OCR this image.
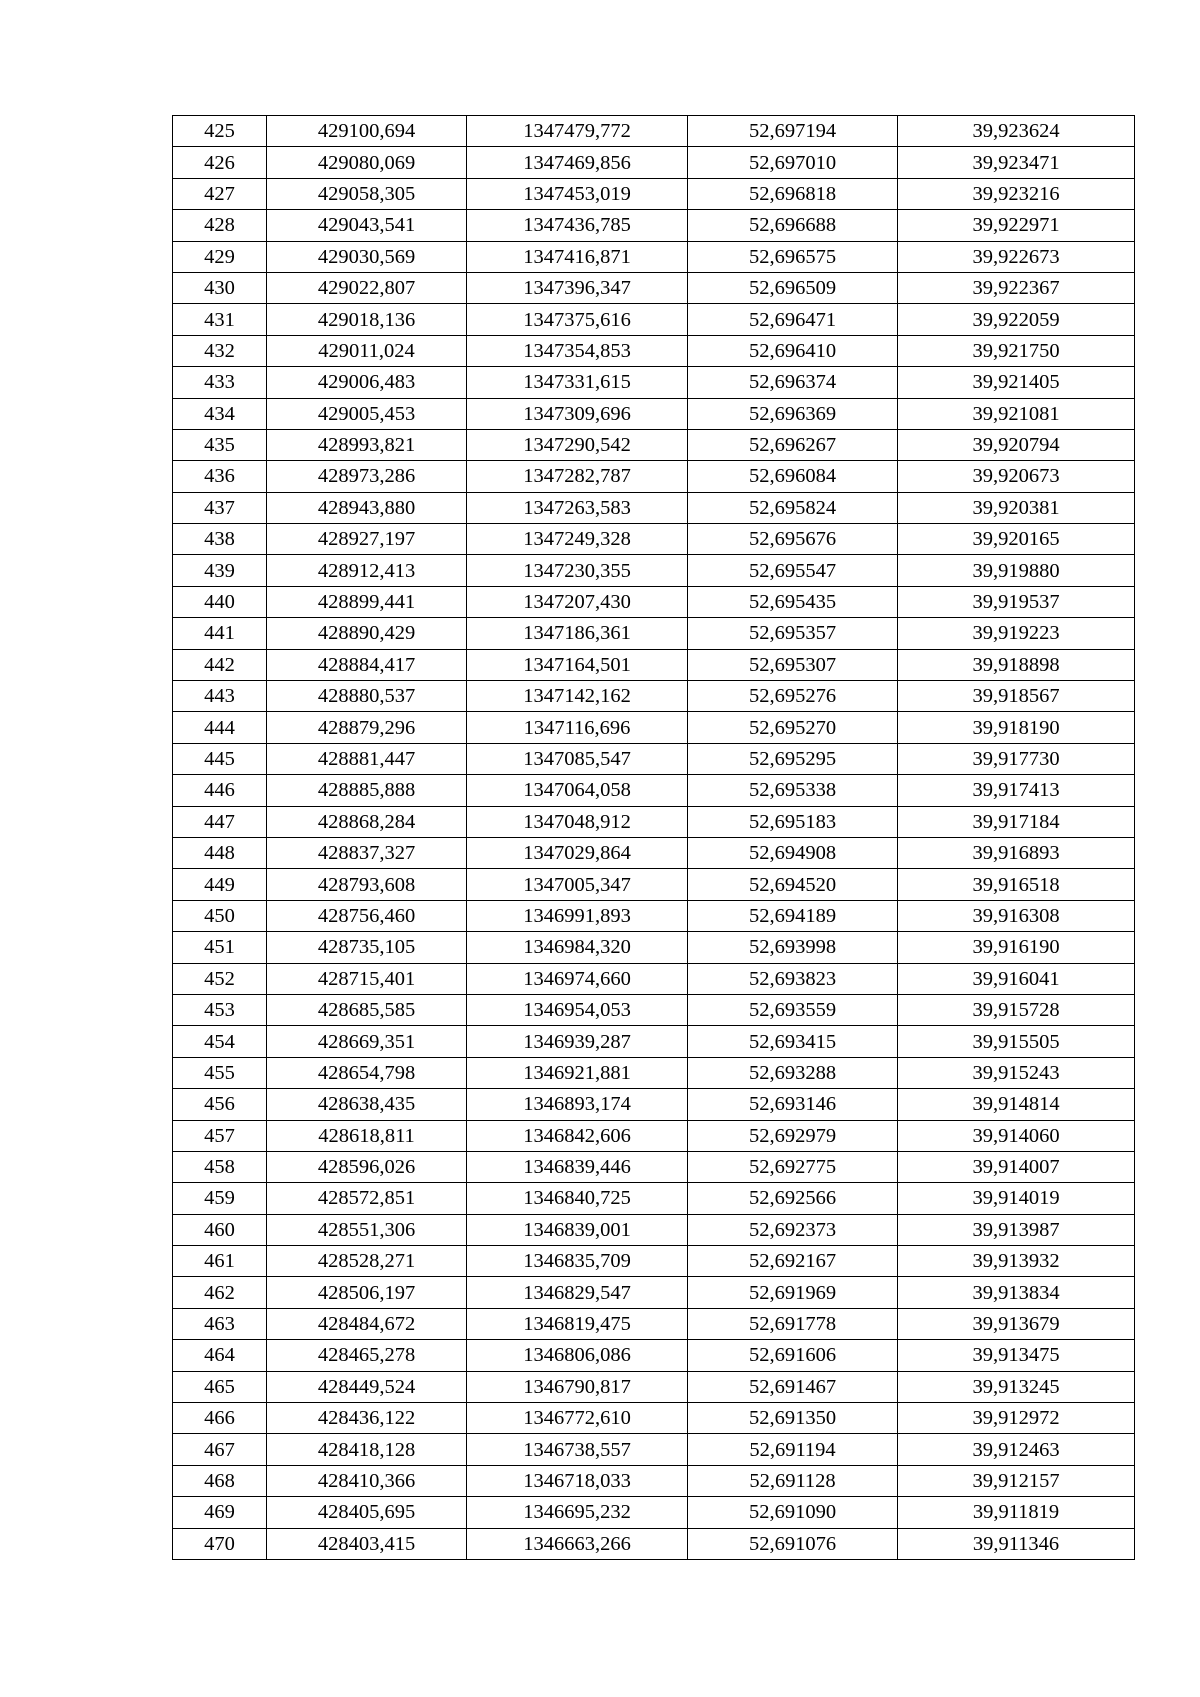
425	429100,694	1347479,772	52,697194	39,923624
426	429080,069	1347469,856	52,697010	39,923471
427	429058,305	1347453,019	52,696818	39,923216
428	429043,541	1347436,785	52,696688	39,922971
429	429030,569	1347416,871	52,696575	39,922673
430	429022,807	1347396,347	52,696509	39,922367
431	429018,136	1347375,616	52,696471	39,922059
432	429011,024	1347354,853	52,696410	39,921750
433	429006,483	1347331,615	52,696374	39,921405
434	429005,453	1347309,696	52,696369	39,921081
435	428993,821	1347290,542	52,696267	39,920794
436	428973,286	1347282,787	52,696084	39,920673
437	428943,880	1347263,583	52,695824	39,920381
438	428927,197	1347249,328	52,695676	39,920165
439	428912,413	1347230,355	52,695547	39,919880
440	428899,441	1347207,430	52,695435	39,919537
441	428890,429	1347186,361	52,695357	39,919223
442	428884,417	1347164,501	52,695307	39,918898
443	428880,537	1347142,162	52,695276	39,918567
444	428879,296	1347116,696	52,695270	39,918190
445	428881,447	1347085,547	52,695295	39,917730
446	428885,888	1347064,058	52,695338	39,917413
447	428868,284	1347048,912	52,695183	39,917184
448	428837,327	1347029,864	52,694908	39,916893
449	428793,608	1347005,347	52,694520	39,916518
450	428756,460	1346991,893	52,694189	39,916308
451	428735,105	1346984,320	52,693998	39,916190
452	428715,401	1346974,660	52,693823	39,916041
453	428685,585	1346954,053	52,693559	39,915728
454	428669,351	1346939,287	52,693415	39,915505
455	428654,798	1346921,881	52,693288	39,915243
456	428638,435	1346893,174	52,693146	39,914814
457	428618,811	1346842,606	52,692979	39,914060
458	428596,026	1346839,446	52,692775	39,914007
459	428572,851	1346840,725	52,692566	39,914019
460	428551,306	1346839,001	52,692373	39,913987
461	428528,271	1346835,709	52,692167	39,913932
462	428506,197	1346829,547	52,691969	39,913834
463	428484,672	1346819,475	52,691778	39,913679
464	428465,278	1346806,086	52,691606	39,913475
465	428449,524	1346790,817	52,691467	39,913245
466	428436,122	1346772,610	52,691350	39,912972
467	428418,128	1346738,557	52,691194	39,912463
468	428410,366	1346718,033	52,691128	39,912157
469	428405,695	1346695,232	52,691090	39,911819
470	428403,415	1346663,266	52,691076	39,911346
